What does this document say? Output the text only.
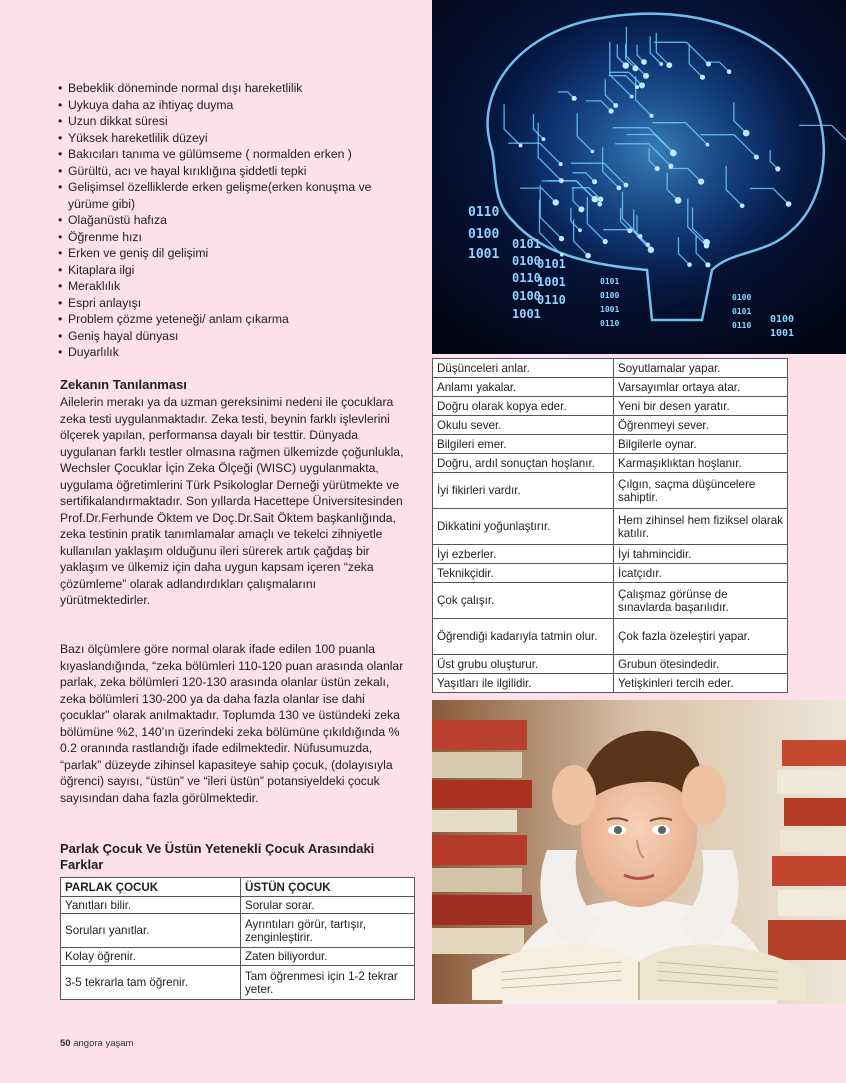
0110
0100
1001
0101
0100
0110
0100
1001
0101
1001
0110
0101
0100
1001
0110
0100
0101
0110
0100
1001
• Bebeklik döneminde normal dışı hareketlilik
• Uykuya daha az ihtiyaç duyma
• Uzun dikkat süresi
• Yüksek hareketlilik düzeyi
• Bakıcıları tanıma ve gülümseme ( normalden erken )
• Gürültü, acı ve hayal kırıklığına şiddetli tepki
• Gelişimsel özelliklerde erken gelişme(erken konuşma ve yürüme gibi)
• Olağanüstü hafıza
• Öğrenme hızı
• Erken ve geniş dil gelişimi
• Kitaplara ilgi
• Meraklılık
• Espri anlayışı
• Problem çözme yeteneği/ anlam çıkarma
• Geniş hayal dünyası
• Duyarlılık
Zekanın Tanılanması

Ailelerin merakı ya da uzman gereksinimi nedeni ile çocuklara zeka testi uygulanmaktadır. Zeka testi, beynin farklı işlevlerini ölçerek yapılan, performansa dayalı bir testtir. Dünyada uygulanan farklı testler olmasına rağmen ülkemizde çoğunlukla, Wechsler Çocuklar İçin Zeka Ölçeği (WISC) uygulanmakta, uygulama öğretimlerini Türk Psikologlar Derneği yürütmekte ve sertifikalandırmaktadır. Son yıllarda Hacettepe Üniversitesinden Prof.Dr.Ferhunde Öktem ve Doç.Dr.Sait Öktem başkanlığında, zeka testinin pratik tanımlamalar amaçlı ve tekelci zihniyetle kullanılan yaklaşım olduğunu ileri sürerek artık çağdaş bir yaklaşım ve ülkemiz için daha uygun kapsam içeren “zeka çözümleme” olarak adlandırdıkları çalışmalarını yürütmektedirler.

Bazı ölçümlere göre normal olarak ifade edilen 100 puanla kıyaslandığında, “zeka bölümleri 110-120 puan arasında olanlar parlak, zeka bölümleri 120-130 arasında olanlar üstün zekalı, zeka bölümleri 130-200 ya da daha fazla olanlar ise dahi çocuklar” olarak anılmaktadır. Toplumda 130 ve üstündeki zeka bölümüne %2, 140’ın üzerindeki zeka bölümüne çıkıldığında % 0.2 oranında rastlandığı ifade edilmektedir. Nüfusumuzda, “parlak” düzeyde zihinsel kapasiteye sahip çocuk, (dolayısıyla öğrenci) sayısı, “üstün” ve “ileri üstün” potansiyeldeki çocuk sayısından daha fazla görülmektedir.

Parlak Çocuk Ve Üstün Yetenekli Çocuk Arasındaki Farklar
PARLAK ÇOCUK	ÜSTÜN ÇOCUK
Yanıtları bilir.	Sorular sorar.
Soruları yanıtlar.	Ayrıntıları görür, tartışır, zenginleştirir.
Kolay öğrenir.	Zaten biliyordur.
3-5 tekrarla tam öğrenir.	Tam öğrenmesi için 1-2 tekrar yeter.
Düşünceleri anlar.	Soyutlamalar yapar.
Anlamı yakalar.	Varsayımlar ortaya atar.
Doğru olarak kopya eder.	Yeni bir desen yaratır.
Okulu sever.	Öğrenmeyi sever.
Bilgileri emer.	Bilgilerle oynar.
Doğru, ardıl sonuçtan hoşlanır.	Karmaşıklıktan hoşlanır.
İyi fikirleri vardır.	Çılgın, saçma düşüncelere sahiptir.
Dikkatini yoğunlaştırır.	Hem zihinsel hem fiziksel olarak katılır.
İyi ezberler.	İyi tahmincidir.
Teknikçidir.	İcatçıdır.
Çok çalışır.	Çalışmaz görünse de sınavlarda başarılıdır.
Öğrendiği kadarıyla tatmin olur.	Çok fazla özeleştiri yapar.
Üst grubu oluşturur.	Grubun ötesindedir.
Yaşıtları ile ilgilidir.	Yetişkinleri tercih eder.
50 angora yaşam
